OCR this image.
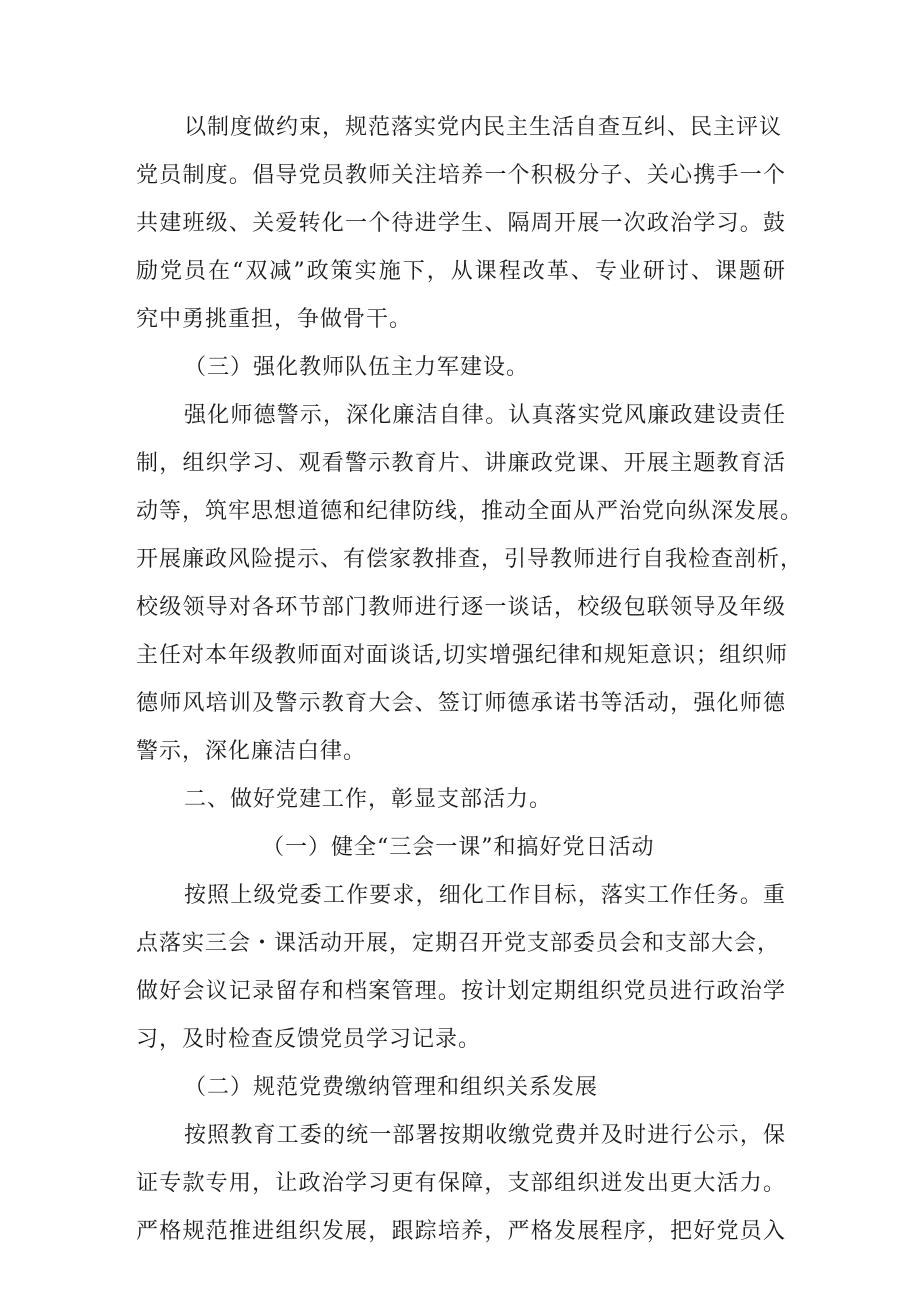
以制度做约束，规范落实党内民主生活自查互纠、民主评议
党员制度。倡导党员教师关注培养一个积极分子、关心携手一个
共建班级、关爱转化一个待进学生、隔周开展一次政治学习。鼓
励党员在“双减”政策实施下，从课程改革、专业研讨、课题研
究中勇挑重担，争做骨干。
（三）强化教师队伍主力军建设。
强化师德警示，深化廉洁自律。认真落实党风廉政建设责任
制，组织学习、观看警示教育片、讲廉政党课、开展主题教育活
动等，筑牢思想道德和纪律防线，推动全面从严治党向纵深发展。
开展廉政风险提示、有偿家教排查，引导教师进行自我检查剖析，
校级领导对各环节部门教师进行逐一谈话，校级包联领导及年级
主任对本年级教师面对面谈话,切实增强纪律和规矩意识；组织师
德师风培训及警示教育大会、签订师德承诺书等活动，强化师德
警示，深化廉洁白律。
二、做好党建工作，彰显支部活力。
（一）健全“三会一课”和搞好党日活动
按照上级党委工作要求，细化工作目标，落实工作任务。重
点落实三会・课活动开展，定期召开党支部委员会和支部大会，
做好会议记录留存和档案管理。按计划定期组织党员进行政治学
习，及时检查反馈党员学习记录。
（二）规范党费缴纳管理和组织关系发展
按照教育工委的统一部署按期收缴党费并及时进行公示，保
证专款专用，让政治学习更有保障，支部组织迸发出更大活力。
严格规范推进组织发展，跟踪培养，严格发展程序，把好党员入
